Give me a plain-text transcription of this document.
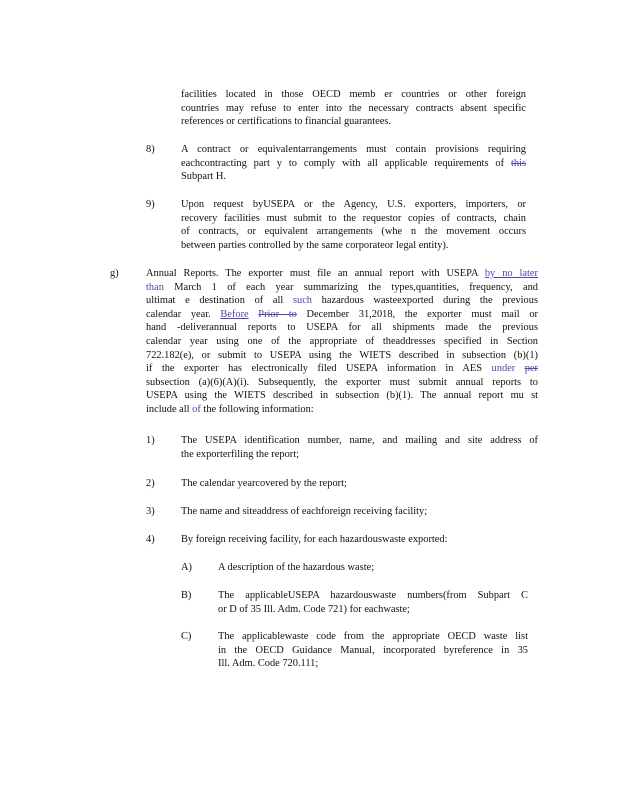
facilities located in those OECD memb er countries or other foreign
countries may refuse to enter into the necessary contracts absent specific
references or certifications to financial guarantees.
8)	A contract or equivalentarrangements must contain provisions requiring
eachcontracting part y to comply with all applicable requirements of this
Subpart H.
9)	Upon request byUSEPA or the Agency, U.S. exporters, importers, or
recovery facilities must submit to the requestor copies of contracts, chain
of contracts, or equivalent arrangements (whe n the movement occurs
between parties controlled by the same corporateor legal entity).
g)	Annual Reports. The exporter must file an annual report with USEPA by no later
than March 1 of each year summarizing the types,quantities, frequency, and
ultimat e destination of all such hazardous wasteexported during the previous
calendar year. Before Prior to December 31,2018, the exporter must mail or
hand -deliverannual reports to USEPA for all shipments made the previous
calendar year using one of the appropriate of theaddresses specified in Section
722.182(e), or submit to USEPA using the WIETS described in subsection (b)(1)
if the exporter has electronically filed USEPA information in AES under per
subsection (a)(6)(A)(i). Subsequently, the exporter must submit annual reports to
USEPA using the WIETS described in subsection (b)(1). The annual report mu st
include all of the following information:
1)	The USEPA identification number, name, and mailing and site address of
the exporterfiling the report;
2)	The calendar yearcovered by the report;
3)	The name and siteaddress of eachforeign receiving facility;
4)	By foreign receiving facility, for each hazardouswaste exported:
A)	A description of the hazardous waste;
B)	The applicableUSEPA hazardouswaste numbers(from Subpart C
or D of 35 Ill. Adm. Code 721) for eachwaste;
C)	The applicablewaste code from the appropriate OECD waste list
in the OECD Guidance Manual, incorporated byreference in 35
Ill. Adm. Code 720.111;
